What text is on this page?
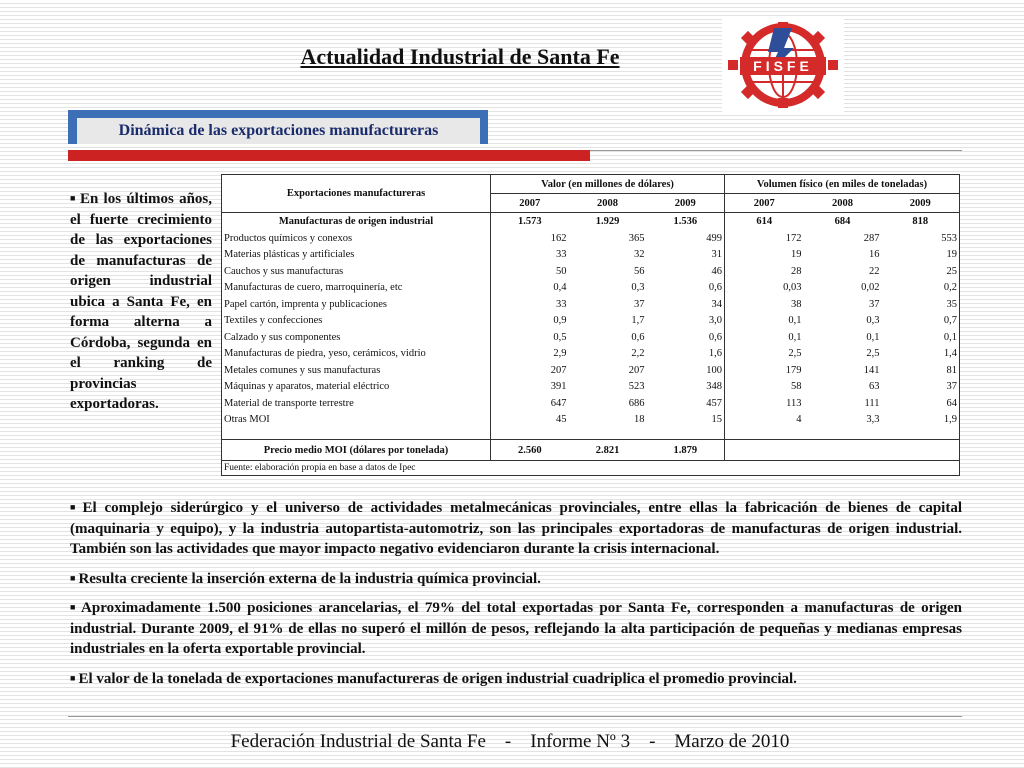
Actualidad Industrial de Santa Fe	FISFE
Dinámica de las exportaciones manufactureras
■ En los últimos años, el fuerte crecimiento de las exportaciones de manufacturas de origen industrial ubica a Santa Fe, en forma alterna a Córdoba, segunda en el ranking de provincias exportadoras.
Exportaciones manufactureras	Valor (en millones de dólares)			Volumen físico (en miles de toneladas)		
	2007	2008	2009	2007	2008	2009
Manufacturas de origen industrial	1.573	1.929	1.536	614	684	818
Productos químicos y conexos	162	365	499	172	287	553
Materias plásticas y artificiales	33	32	31	19	16	19
Cauchos y sus manufacturas	50	56	46	28	22	25
Manufacturas de cuero, marroquinería, etc	0,4	0,3	0,6	0,03	0,02	0,2
Papel cartón, imprenta y publicaciones	33	37	34	38	37	35
Textiles y confecciones	0,9	1,7	3,0	0,1	0,3	0,7
Calzado y sus componentes	0,5	0,6	0,6	0,1	0,1	0,1
Manufacturas de piedra, yeso, cerámicos, vidrio	2,9	2,2	1,6	2,5	2,5	1,4
Metales comunes y sus manufacturas	207	207	100	179	141	81
Máquinas y aparatos, material eléctrico	391	523	348	58	63	37
Material de transporte terrestre	647	686	457	113	111	64
Otras MOI	45	18	15	4	3,3	1,9

Precio medio MOI (dólares por tonelada)	2.560	2.821	1.879			
Fuente: elaboración propia en base a datos de Ipec						
■ El complejo siderúrgico y el universo de actividades metalmecánicas provinciales, entre ellas la fabricación de bienes de capital (maquinaria y equipo), y la industria autopartista-automotriz, son las principales exportadoras de manufacturas de origen industrial. También son las actividades que mayor impacto negativo evidenciaron durante la crisis internacional.
■ Resulta creciente la inserción externa de la industria química provincial.
■ Aproximadamente 1.500 posiciones arancelarias, el 79% del total exportadas por Santa Fe, corresponden a manufacturas de origen industrial. Durante 2009, el 91% de ellas no superó el millón de pesos, reflejando la alta participación de pequeñas y medianas empresas industriales en la oferta exportable provincial.
■ El valor de la tonelada de exportaciones manufactureras de origen industrial cuadriplica el promedio provincial.
Federación Industrial de Santa Fe    -    Informe Nº 3    -    Marzo de 2010
